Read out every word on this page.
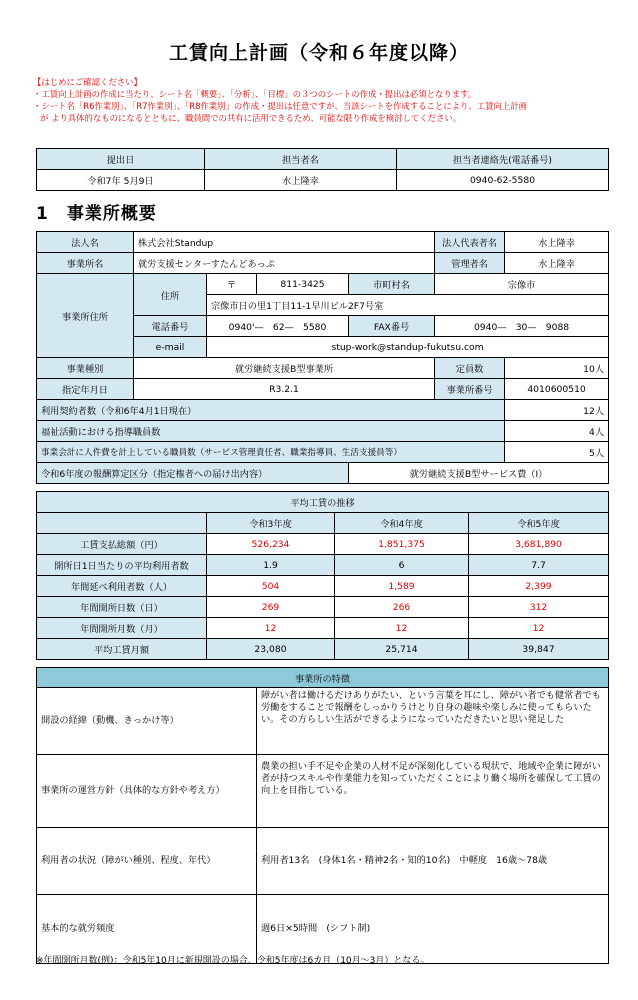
工賃向上計画（令和６年度以降）
【はじめにご確認ください】
・工賃向上計画の作成に当たり、シート名「概要」、「分析」、「目標」の３つのシートの作成・提出は必須となります。
・シート名「R6作業別」、「R7作業別」、「R8作業別」の作成・提出は任意ですが、当該シートを作成することにより、工賃向上計画
が より具体的なものになるとともに、職員間での共有に活用できるため、可能な限り作成を検討してください。
提出日	担当者名	担当者連絡先(電話番号)
令和7年 5月9日	水上隆幸	0940-62-5580
1　事業所概要
法人名	株式会社Standup				法人代表者名	水上隆幸
事業所名	就労支援センターすたんどあっぷ				管理者名	水上隆幸
事業所住所	住所	〒	811-3425	市町村名	宗像市	
		宗像市日の里1丁目11-1早川ビル2F7号室				
	電話番号	0940'—　62—　5580		FAX番号	0940—　30—　9088	
	e-mail	stup-work@standup-fukutsu.com				
事業種別	就労継続支援B型事業所				定員数	10人
指定年月日	R3.2.1				事業所番号	4010600510
利用契約者数（令和6年4月1日現在）						12人
福祉活動における指導職員数						4人
事業会計に人件費を計上している職員数（サービス管理責任者、職業指導員、生活支援員等）						5人
令和6年度の報酬算定区分（指定権者への届け出内容）				就労継続支援B型サービス費（Ⅰ）		
平均工賃の推移			
	令和3年度	令和4年度	令和5年度
工賃支払総額（円）	526,234	1,851,375	3,681,890
開所日1日当たりの平均利用者数	1.9	6	7.7
年間延べ利用者数（人）	504	1,589	2,399
年間開所日数（日）	269	266	312
年間開所月数（月）	12	12	12
平均工賃月額	23,080	25,714	39,847
事業所の特徴	
開設の経緯（動機、きっかけ等）	障がい者は働けるだけありがたい、という言葉を耳にし、障がい者でも健常者でも労働をすることで報酬をしっかりうけとり自身の趣味や楽しみに使ってもらいたい。その方らしい生活ができるようになっていただきたいと思い発足した
事業所の運営方針（具体的な方針や考え方）	農業の担い手不足や企業の人材不足が深刻化している現状で、地域や企業に障がい者が持つスキルや作業能力を知っていただくことにより働く場所を確保して工賃の向上を目指している。
利用者の状況（障がい種別、程度、年代）	利用者13名　(身体1名・精神2名・知的10名)　中軽度　16歳～78歳
基本的な就労頻度	週6日×5時間　(シフト制)
※年間開所月数(例)：令和5年10月に新規開設の場合、令和5年度は6カ月（10月～3月）となる。
